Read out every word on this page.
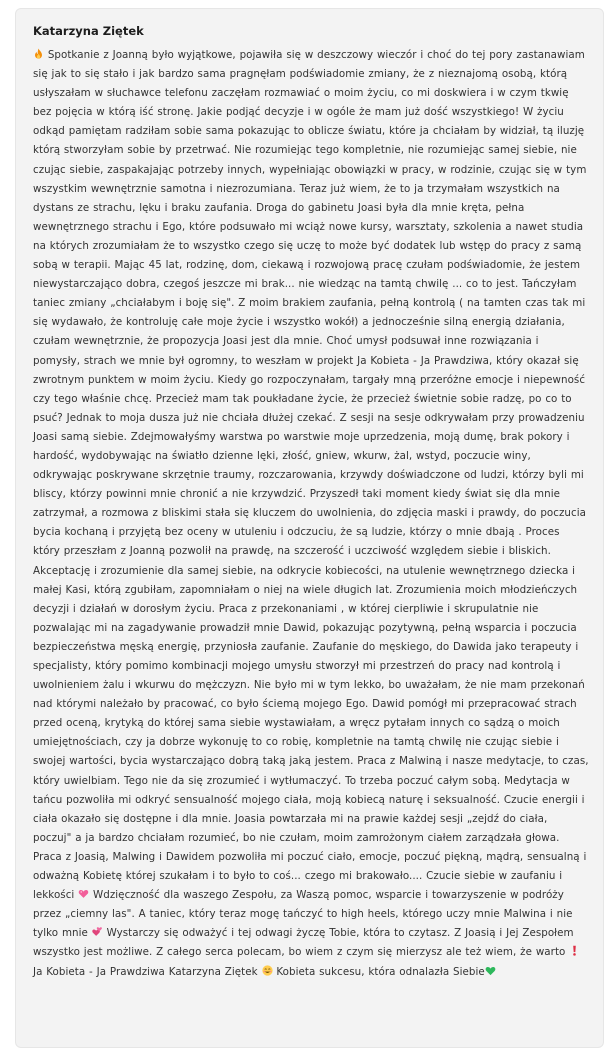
Katarzyna Ziętek

Spotkanie z Joanną było wyjątkowe, pojawiła się w deszczowy wieczór i choć do tej pory zastanawiam się jak to się stało i jak bardzo sama pragnęłam podświadomie zmiany, że z nieznajomą osobą, którą usłyszałam w słuchawce telefonu zaczęłam rozmawiać o moim życiu, co mi doskwiera i w czym tkwię bez pojęcia w którą iść stronę. Jakie podjąć decyzje i w ogóle że mam już dość wszystkiego! W życiu odkąd pamiętam radziłam sobie sama pokazując to oblicze światu, które ja chciałam by widział, tą iluzję którą stworzyłam sobie by przetrwać. Nie rozumiejąc tego kompletnie, nie rozumiejąc samej siebie, nie czując siebie, zaspakajając potrzeby innych, wypełniając obowiązki w pracy, w rodzinie, czując się w tym wszystkim wewnętrznie samotna i niezrozumiana. Teraz już wiem, że to ja trzymałam wszystkich na dystans ze strachu, lęku i braku zaufania. Droga do gabinetu Joasi była dla mnie kręta, pełna wewnętrznego strachu i Ego, które podsuwało mi wciąż nowe kursy, warsztaty, szkolenia a nawet studia na których zrozumiałam że to wszystko czego się uczę to może być dodatek lub wstęp do pracy z samą sobą w terapii. Mając 45 lat, rodzinę, dom, ciekawą i rozwojową pracę czułam podświadomie, że jestem niewystarczająco dobra, czegoś jeszcze mi brak... nie wiedząc na tamtą chwilę ... co to jest. Tańczyłam taniec zmiany „chciałabym i boję się". Z moim brakiem zaufania, pełną kontrolą ( na tamten czas tak mi się wydawało, że kontroluję całe moje życie i wszystko wokół) a jednocześnie silną energią działania, czułam wewnętrznie, że propozycja Joasi jest dla mnie. Choć umysł podsuwał inne rozwiązania i pomysły, strach we mnie był ogromny, to weszłam w projekt Ja Kobieta - Ja Prawdziwa, który okazał się zwrotnym punktem w moim życiu. Kiedy go rozpoczynałam, targały mną przeróżne emocje i niepewność czy tego właśnie chcę. Przecież mam tak poukładane życie, że przecież świetnie sobie radzę, po co to psuć? Jednak to moja dusza już nie chciała dłużej czekać. Z sesji na sesje odkrywałam przy prowadzeniu Joasi samą siebie. Zdejmowałyśmy warstwa po warstwie moje uprzedzenia, moją dumę, brak pokory i hardość, wydobywając na światło dzienne lęki, złość, gniew, wkurw, żal, wstyd, poczucie winy, odkrywając poskrywane skrzętnie traumy, rozczarowania, krzywdy doświadczone od ludzi, którzy byli mi bliscy, którzy powinni mnie chronić a nie krzywdzić. Przyszedł taki moment kiedy świat się dla mnie zatrzymał, a rozmowa z bliskimi stała się kluczem do uwolnienia, do zdjęcia maski i prawdy, do poczucia bycia kochaną i przyjętą bez oceny w utuleniu i odczuciu, że są ludzie, którzy o mnie dbają . Proces który przeszłam z Joanną pozwolił na prawdę, na szczerość i uczciwość względem siebie i bliskich. Akceptację i zrozumienie dla samej siebie, na odkrycie kobiecości, na utulenie wewnętrznego dziecka i małej Kasi, którą zgubiłam, zapomniałam o niej na wiele długich lat. Zrozumienia moich młodzieńczych decyzji i działań w dorosłym życiu. Praca z przekonaniami , w której cierpliwie i skrupulatnie nie pozwalając mi na zagadywanie prowadził mnie Dawid, pokazując pozytywną, pełną wsparcia i poczucia bezpieczeństwa męską energię, przyniosła zaufanie. Zaufanie do męskiego, do Dawida jako terapeuty i specjalisty, który pomimo kombinacji mojego umysłu stworzył mi przestrzeń do pracy nad kontrolą i uwolnieniem żalu i wkurwu do mężczyzn. Nie było mi w tym lekko, bo uważałam, że nie mam przekonań nad którymi należało by pracować, co było ściemą mojego Ego. Dawid pomógł mi przepracować strach przed oceną, krytyką do której sama siebie wystawiałam, a wręcz pytałam innych co sądzą o moich umiejętnościach, czy ja dobrze wykonuję to co robię, kompletnie na tamtą chwilę nie czując siebie i swojej wartości, bycia wystarczająco dobrą taką jaką jestem. Praca z Malwiną i nasze medytacje, to czas, który uwielbiam. Tego nie da się zrozumieć i wytłumaczyć. To trzeba poczuć całym sobą. Medytacja w tańcu pozwoliła mi odkryć sensualność mojego ciała, moją kobiecą naturę i seksualność. Czucie energii i ciała okazało się dostępne i dla mnie. Joasia powtarzała mi na prawie każdej sesji „zejdź do ciała, poczuj" a ja bardzo chciałam rozumieć, bo nie czułam, moim zamrożonym ciałem zarządzała głowa. Praca z Joasią, Malwing i Dawidem pozwoliła mi poczuć ciało, emocje, poczuć piękną, mądrą, sensualną i odważną Kobietę której szukałam i to było to coś... czego mi brakowało.... Czucie siebie w zaufaniu i lekkości Wdzięczność dla waszego Zespołu, za Waszą pomoc, wsparcie i towarzyszenie w podróży przez „ciemny las". A taniec, który teraz mogę tańczyć to high heels, którego uczy mnie Malwina i nie tylko mnie Wystarczy się odważyć i tej odwagi życzę Tobie, która to czytasz. Z Joasią i Jej Zespołem wszystko jest możliwe. Z całego serca polecam, bo wiem z czym się mierzysz ale też wiem, że warto
Ja Kobieta - Ja Prawdziwa Katarzyna Ziętek Kobieta sukcesu, która odnalazła Siebie
